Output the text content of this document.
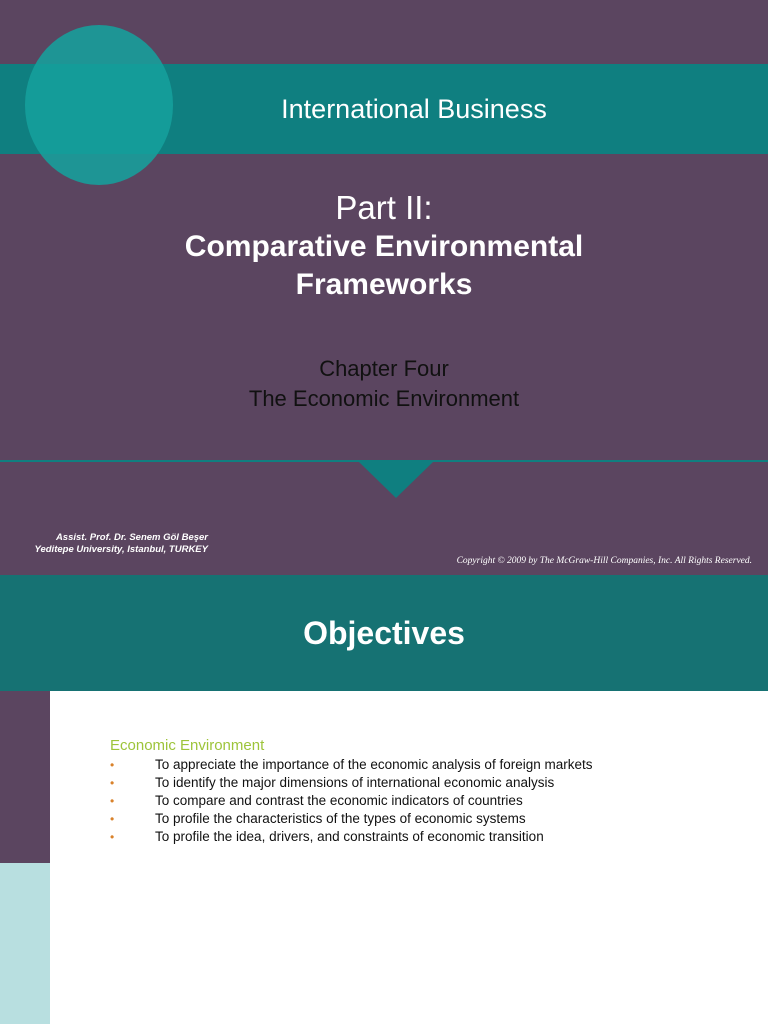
International Business
Part II:
Comparative Environmental
Frameworks
Chapter Four
The Economic Environment
Assist. Prof. Dr. Senem Göl Beşer
Yeditepe University, Istanbul, TURKEY
Copyright © 2009 by The McGraw-Hill Companies, Inc. All Rights Reserved.
Objectives
Economic Environment
•	To appreciate the importance of the economic analysis of foreign markets
•	To identify the major dimensions of international economic analysis
•	To compare and contrast the economic indicators of countries
•	To profile the characteristics of the types of economic systems
•	To profile the idea, drivers, and constraints of economic transition
